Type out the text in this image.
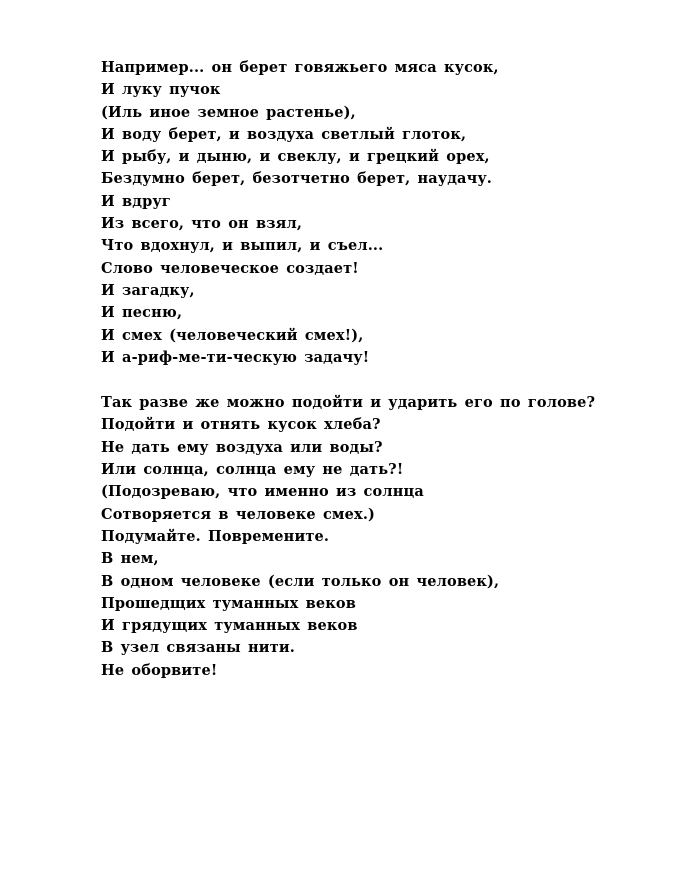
Например... он берет говяжьего мяса кусок,
И луку пучок
(Иль иное земное растенье),
И воду берет, и воздуха светлый глоток,
И рыбу, и дыню, и свеклу, и грецкий орех,
Бездумно берет, безотчетно берет, наудачу.
И вдруг
Из всего, что он взял,
Что вдохнул, и выпил, и съел...
Слово человеческое создает!
И загадку,
И песню,
И смех (человеческий смех!),
И а-риф-ме-ти-ческую задачу!
Так разве же можно подойти и ударить его по голове?
Подойти и отнять кусок хлеба?
Не дать ему воздуха или воды?
Или солнца, солнца ему не дать?!
(Подозреваю, что именно из солнца
Сотворяется в человеке смех.)
Подумайте. Повремените.
В нем,
В одном человеке (если только он человек),
Прошедщих туманных веков
И грядущих туманных веков
В узел связаны нити.
Не оборвите!
